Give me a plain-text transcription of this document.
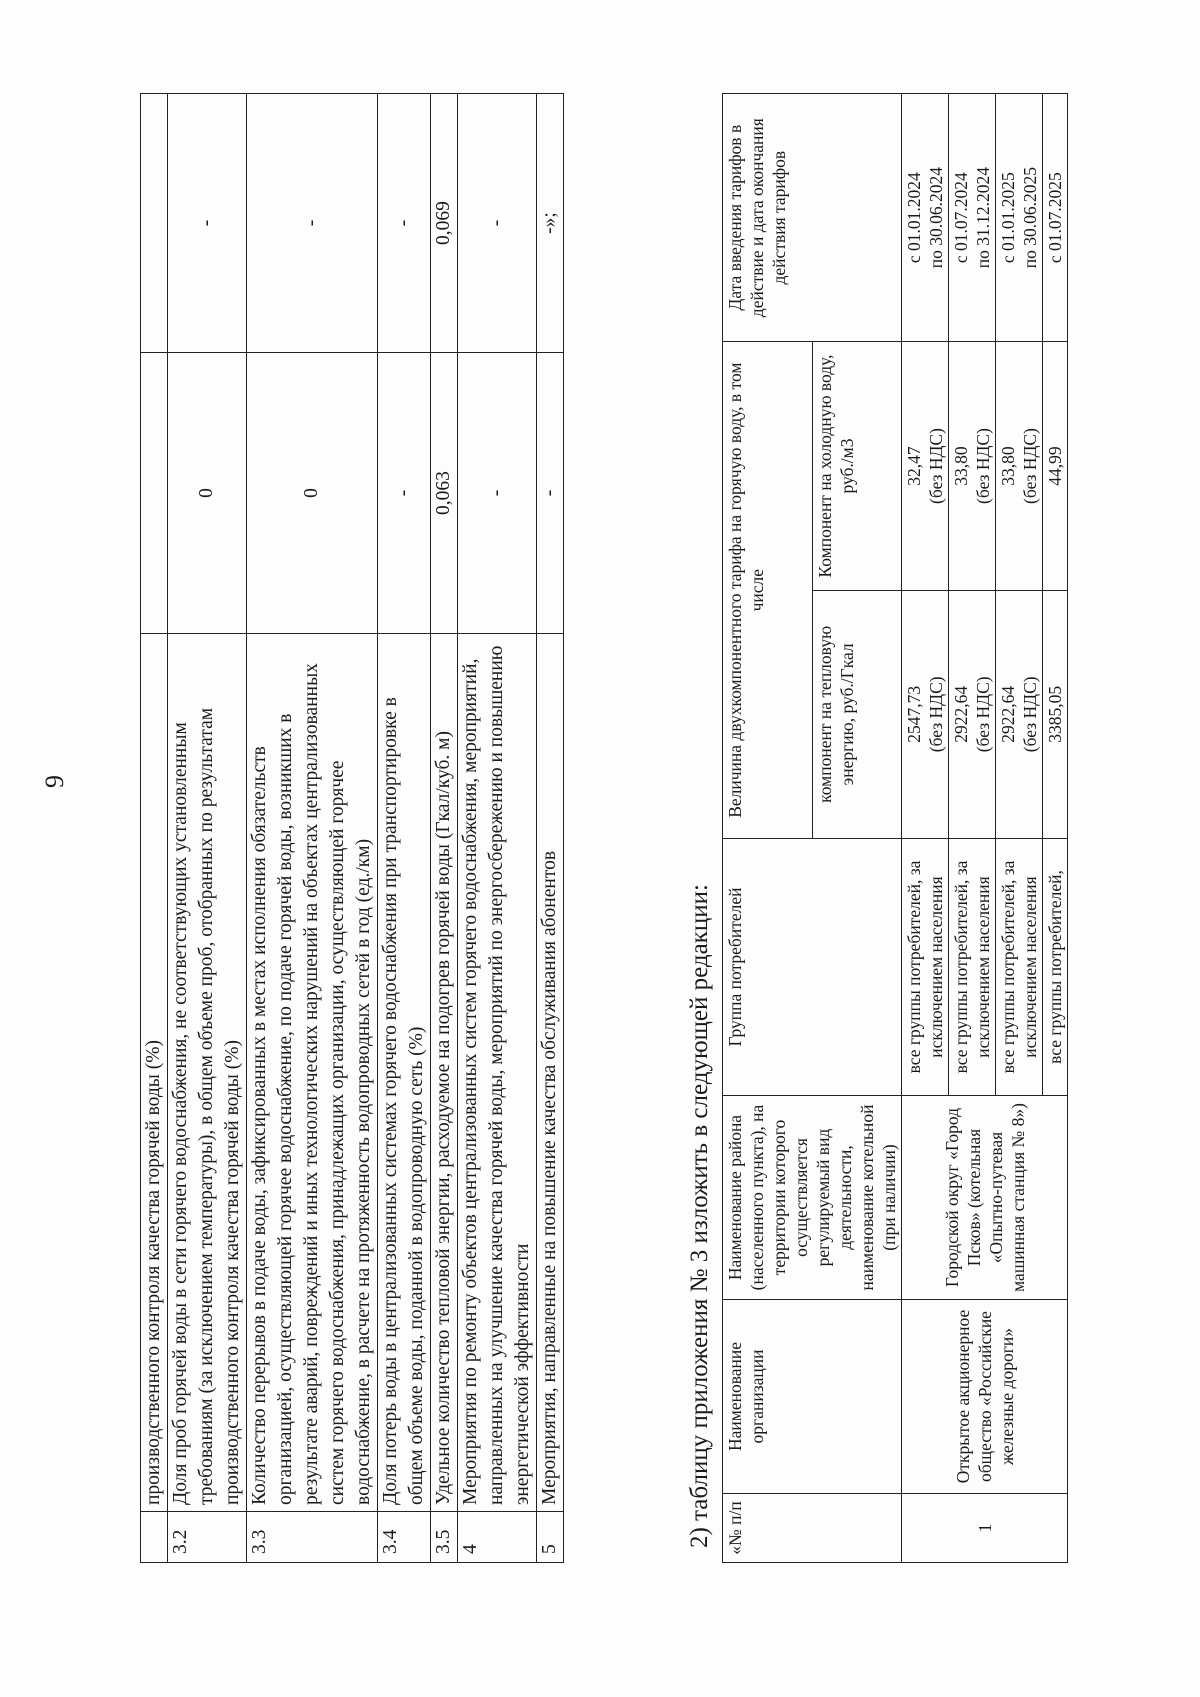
9
	производственного контроля качества горячей воды (%)		
3.2	Доля проб горячей воды в сети горячего водоснабжения, не соответствующих установленным требованиям (за исключением температуры), в общем объеме проб, отобранных по результатам производственного контроля качества горячей воды (%)	0	-
3.3	Количество перерывов в подаче воды, зафиксированных в местах исполнения обязательств организацией, осуществляющей горячее водоснабжение, по подаче горячей воды, возникших в результате аварий, повреждений и иных технологических нарушений на объектах централизованных систем горячего водоснабжения, принадлежащих организации, осуществляющей горячее водоснабжение, в расчете на протяженность водопроводных сетей в год (ед./км)	0	-
3.4	Доля потерь воды в централизованных системах горячего водоснабжения при транспортировке в общем объеме воды, поданной в водопроводную сеть (%)	-	-
3.5	Удельное количество тепловой энергии, расходуемое на подогрев горячей воды (Гкал/куб. м)	0,063	0,069
4	Мероприятия по ремонту объектов централизованных систем горячего водоснабжения, мероприятий, направленных на улучшение качества горячей воды, мероприятий по энергосбережению и повышению энергетической эффективности	-	-
5	Мероприятия, направленные на повышение качества обслуживания абонентов	-	-»;
2) таблицу приложения № 3 изложить в следующей редакции: «№ п/п	Наименование организации	Наименование района (населенного пункта), на территории которого осуществляется регулируемый вид деятельности, наименование котельной (при наличии)	Группа потребителей	Величина двухкомпонентного тарифа на горячую воду, в том числе		Дата введения тарифов в действие и дата окончания действия тарифов
				компонент на тепловую энергию, руб./Гкал	Компонент на холодную воду, руб./м3	
1	Открытое акционерное общество «Российские железные дороги»	Городской округ «Город Псков» (котельная «Опытно-путевая машинная станция № 8»)	все группы потребителей, за исключением населения	2547,73 (без НДС)	32,47 (без НДС)	с 01.01.2024 по 30.06.2024

			все группы потребителей, за исключением населения	2922,64 (без НДС)	33,80 (без НДС)	с 01.07.2024 по 31.12.2024

			все группы потребителей, за исключением населения	2922,64 (без НДС)	33,80 (без НДС)	с 01.01.2025 по 30.06.2025

			все группы потребителей,	3385,05	44,99	с 01.07.2025
